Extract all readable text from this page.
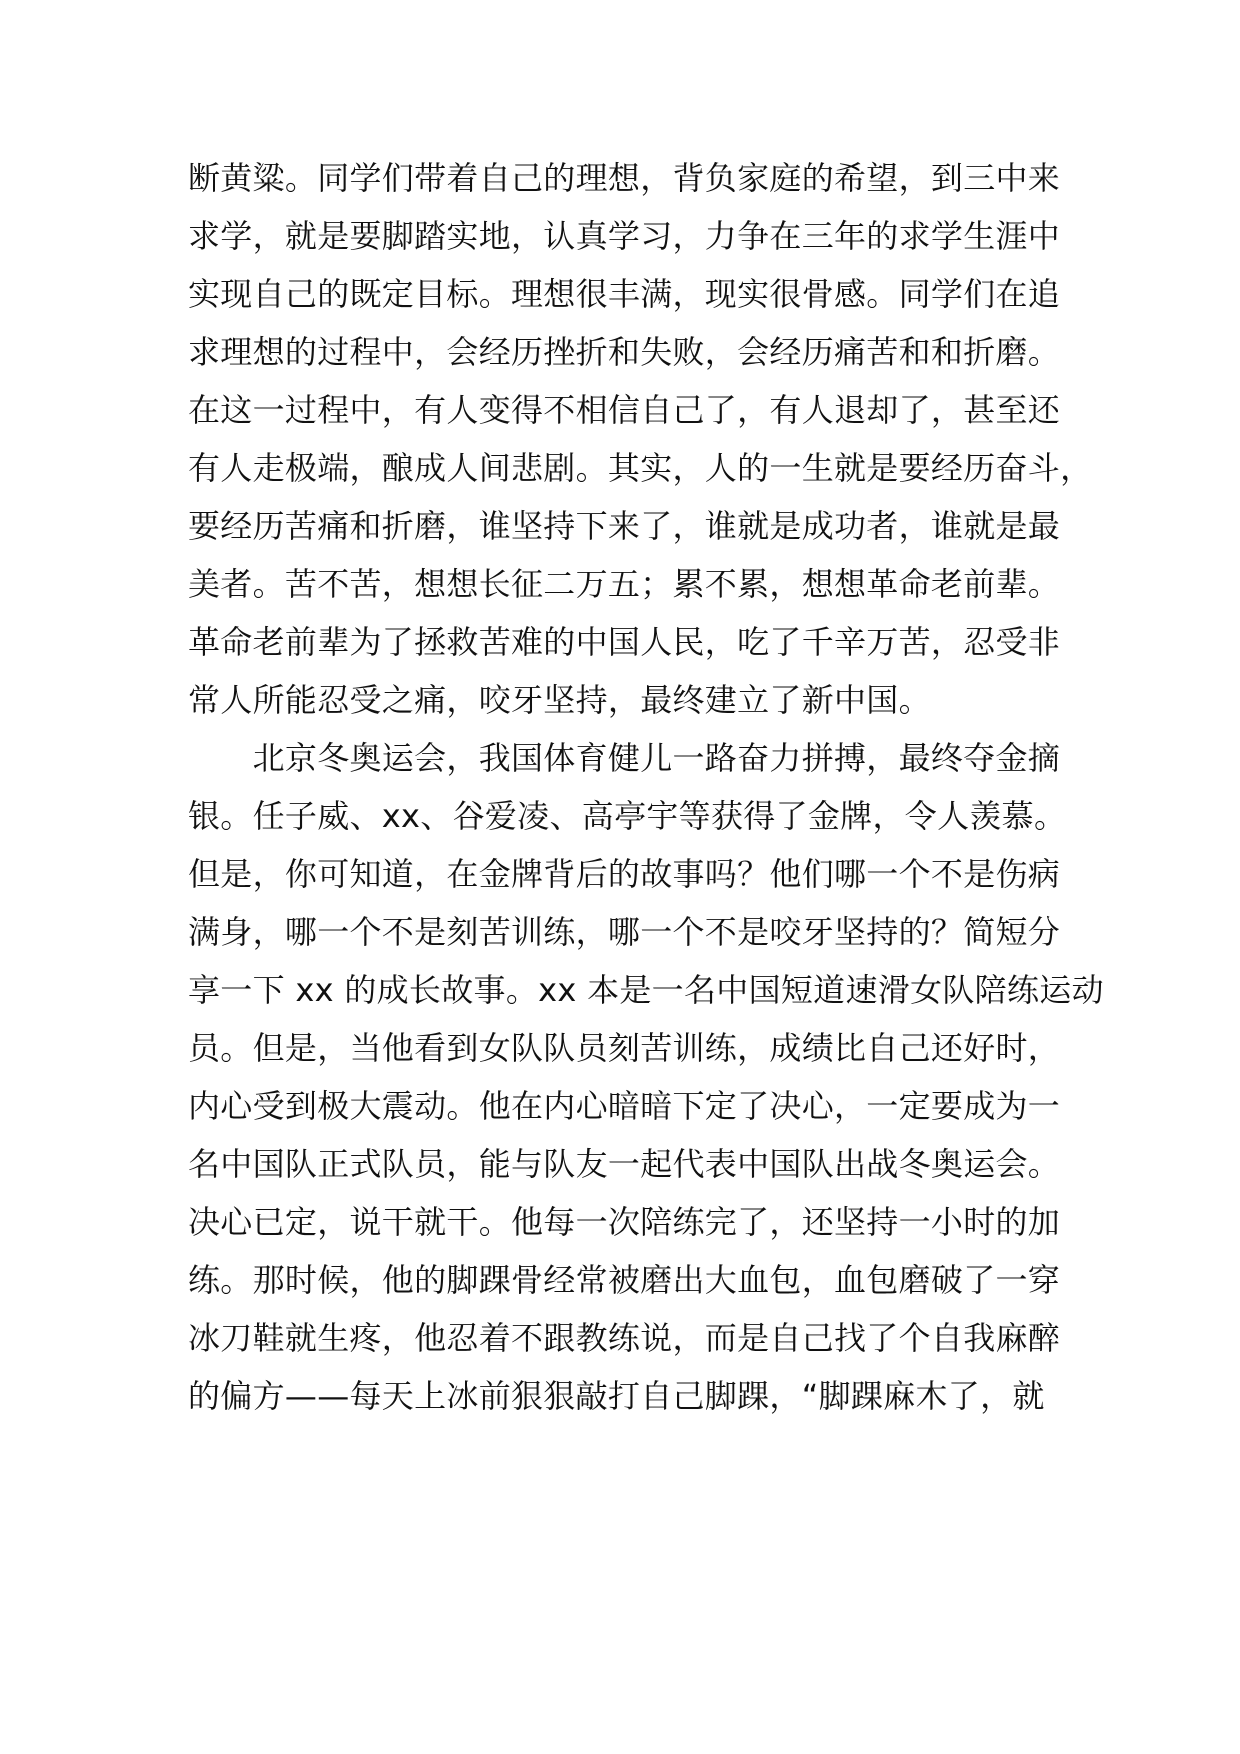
断黄粱。同学们带着自己的理想，背负家庭的希望，到三中来
求学，就是要脚踏实地，认真学习，力争在三年的求学生涯中
实现自己的既定目标。理想很丰满，现实很骨感。同学们在追
求理想的过程中，会经历挫折和失败，会经历痛苦和和折磨。
在这一过程中，有人变得不相信自己了，有人退却了，甚至还
有人走极端，酿成人间悲剧。其实，人的一生就是要经历奋斗，
要经历苦痛和折磨，谁坚持下来了，谁就是成功者，谁就是最
美者。苦不苦，想想长征二万五；累不累，想想革命老前辈。
革命老前辈为了拯救苦难的中国人民，吃了千辛万苦，忍受非
常人所能忍受之痛，咬牙坚持，最终建立了新中国。
　　北京冬奥运会，我国体育健儿一路奋力拼搏，最终夺金摘
银。任子威、xx、谷爱凌、高亭宇等获得了金牌，令人羡慕。
但是，你可知道，在金牌背后的故事吗？他们哪一个不是伤病
满身，哪一个不是刻苦训练，哪一个不是咬牙坚持的？简短分
享一下 xx 的成长故事。xx 本是一名中国短道速滑女队陪练运动
员。但是，当他看到女队队员刻苦训练，成绩比自己还好时，
内心受到极大震动。他在内心暗暗下定了决心，一定要成为一
名中国队正式队员，能与队友一起代表中国队出战冬奥运会。
决心已定，说干就干。他每一次陪练完了，还坚持一小时的加
练。那时候，他的脚踝骨经常被磨出大血包，血包磨破了一穿
冰刀鞋就生疼，他忍着不跟教练说，而是自己找了个自我麻醉
的偏方——每天上冰前狠狠敲打自己脚踝，“脚踝麻木了，就
